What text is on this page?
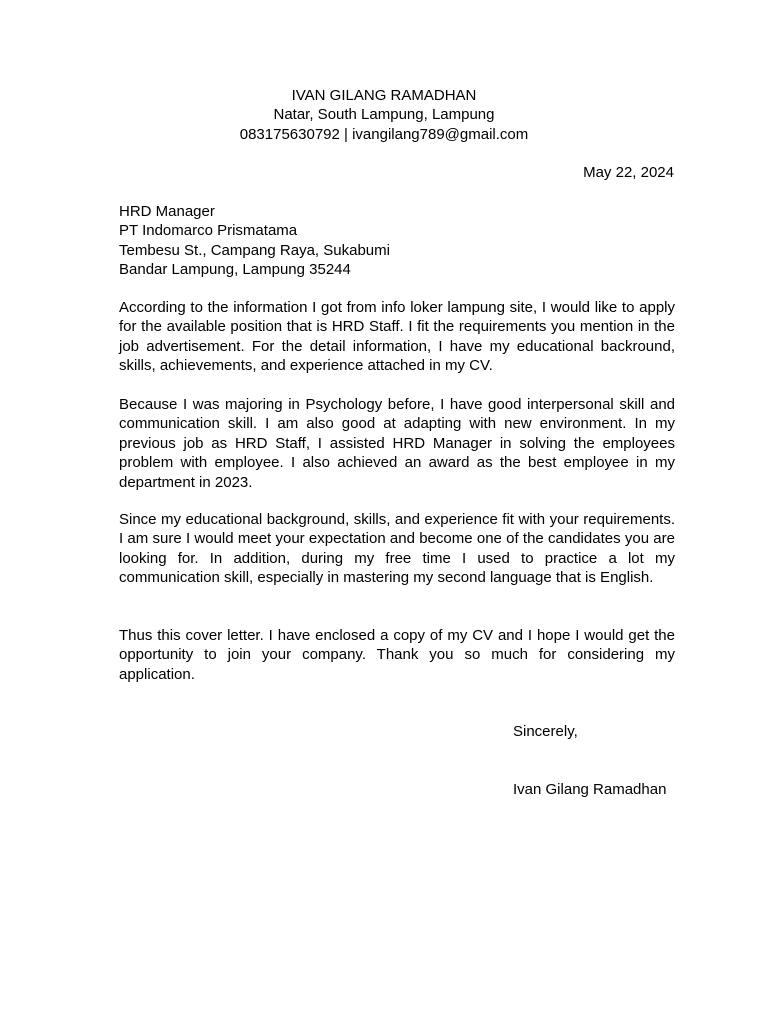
IVAN GILANG RAMADHAN
Natar, South Lampung, Lampung
083175630792 | ivangilang789@gmail.com
May 22, 2024
HRD Manager
PT Indomarco Prismatama
Tembesu St., Campang Raya, Sukabumi
Bandar Lampung, Lampung 35244

According to the information I got from info loker lampung site, I would like to apply for the available position that is HRD Staff. I fit the requirements you mention in the job advertisement. For the detail information, I have my educational backround, skills, achievements, and experience attached in my CV.

Because I was majoring in Psychology before, I have good interpersonal skill and communication skill. I am also good at adapting with new environment. In my previous job as HRD Staff, I assisted HRD Manager in solving the employees problem with employee. I also achieved an award as the best employee in my department in 2023.

Since my educational background, skills, and experience fit with your requirements. I am sure I would meet your expectation and become one of the candidates you are looking for. In addition, during my free time I used to practice a lot my communication skill, especially in mastering my second language that is English.

Thus this cover letter. I have enclosed a copy of my CV and I hope I would get the opportunity to join your company. Thank you so much for considering my application.

Sincerely,
Ivan Gilang Ramadhan
